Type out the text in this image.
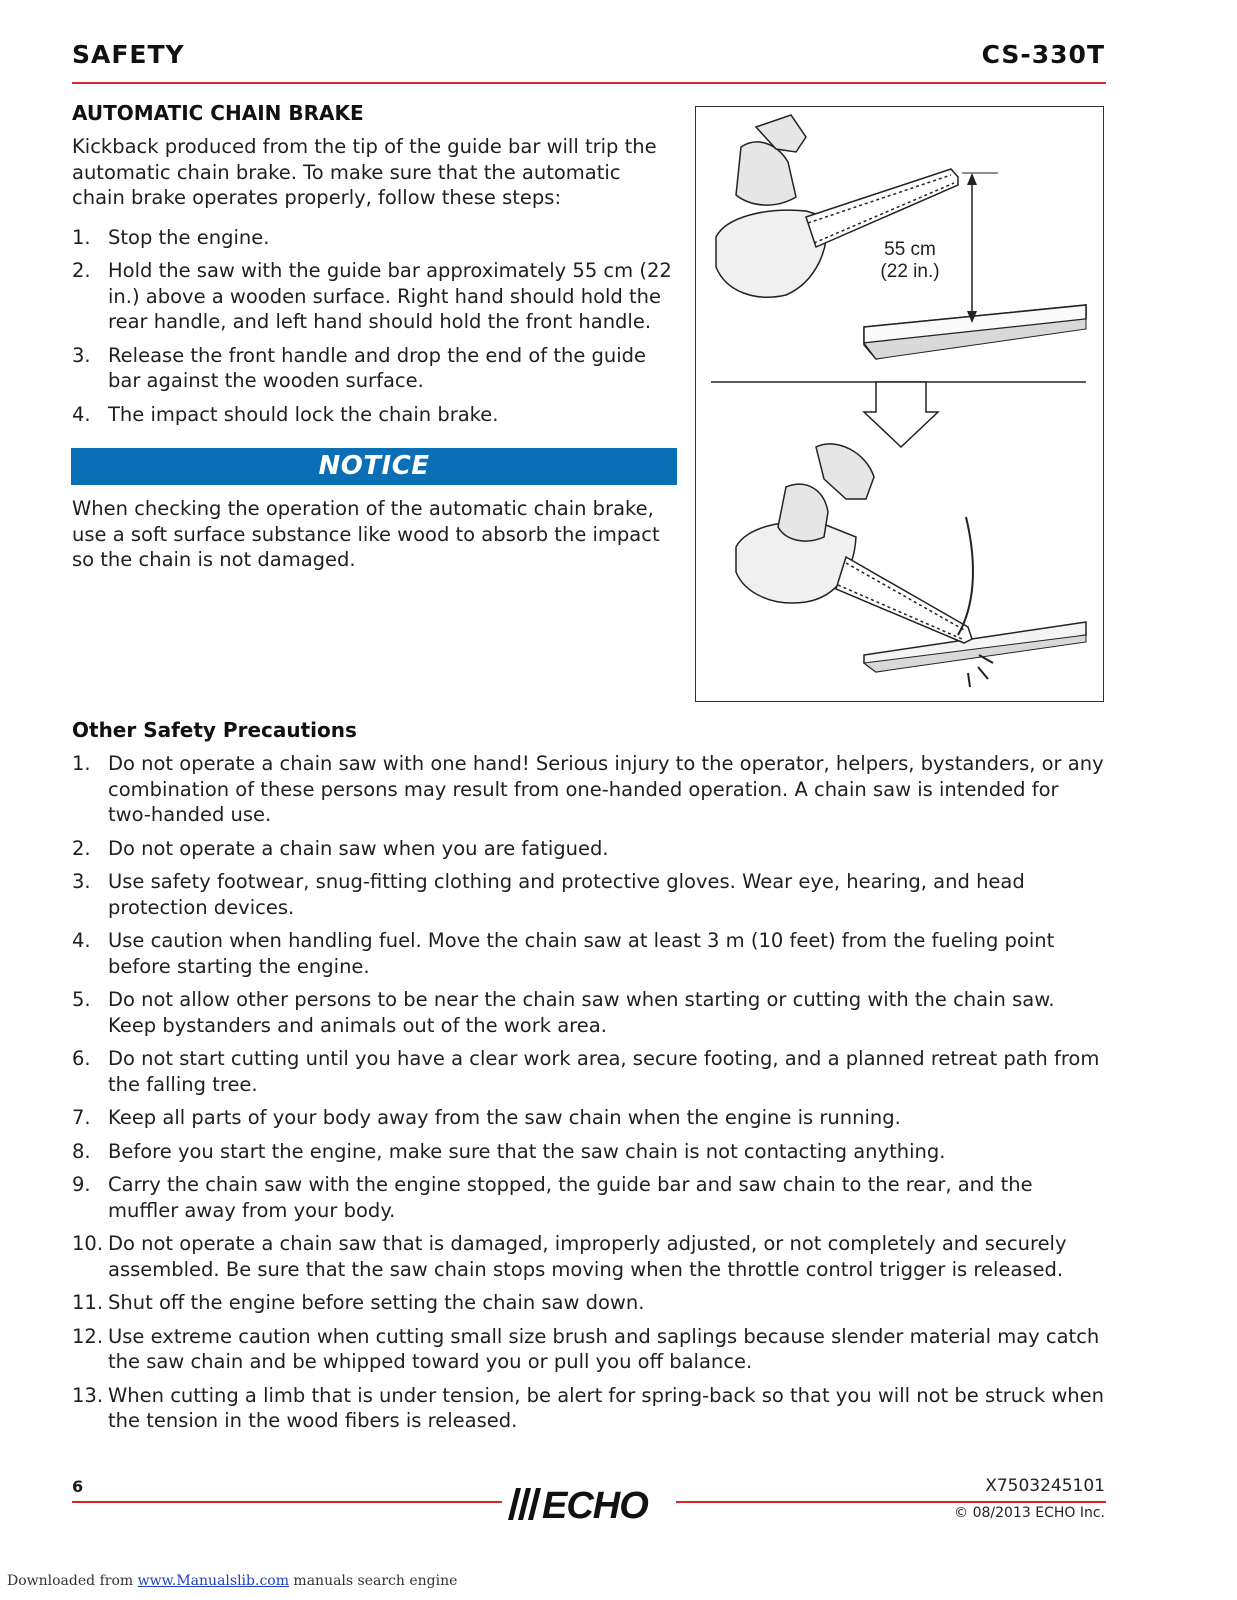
SAFETY	CS-330T
AUTOMATIC CHAIN BRAKE
Kickback produced from the tip of the guide bar will trip the automatic chain brake. To make sure that the automatic chain brake operates properly, follow these steps:
1. Stop the engine.
2. Hold the saw with the guide bar approximately 55 cm (22 in.) above a wooden surface. Right hand should hold the rear handle, and left hand should hold the front handle.
3. Release the front handle and drop the end of the guide bar against the wooden surface.
4. The impact should lock the chain brake.
NOTICE
When checking the operation of the automatic chain brake, use a soft surface substance like wood to absorb the impact so the chain is not damaged.
55 cm
(22 in.)
Other Safety Precautions
1. Do not operate a chain saw with one hand! Serious injury to the operator, helpers, bystanders, or any combination of these persons may result from one-handed operation. A chain saw is intended for two-handed use.
2. Do not operate a chain saw when you are fatigued.
3. Use safety footwear, snug-fitting clothing and protective gloves. Wear eye, hearing, and head protection devices.
4. Use caution when handling fuel. Move the chain saw at least 3 m (10 feet) from the fueling point before starting the engine.
5. Do not allow other persons to be near the chain saw when starting or cutting with the chain saw. Keep bystanders and animals out of the work area.
6. Do not start cutting until you have a clear work area, secure footing, and a planned retreat path from the falling tree.
7. Keep all parts of your body away from the saw chain when the engine is running.
8. Before you start the engine, make sure that the saw chain is not contacting anything.
9. Carry the chain saw with the engine stopped, the guide bar and saw chain to the rear, and the muffler away from your body.
10. Do not operate a chain saw that is damaged, improperly adjusted, or not completely and securely assembled. Be sure that the saw chain stops moving when the throttle control trigger is released.
11. Shut off the engine before setting the chain saw down.
12. Use extreme caution when cutting small size brush and saplings because slender material may catch the saw chain and be whipped toward you or pull you off balance.
13. When cutting a limb that is under tension, be alert for spring-back so that you will not be struck when the tension in the wood fibers is released.
6	ECHO	X7503245101
© 08/2013 ECHO Inc.
Downloaded from www.Manualslib.com manuals search engine
